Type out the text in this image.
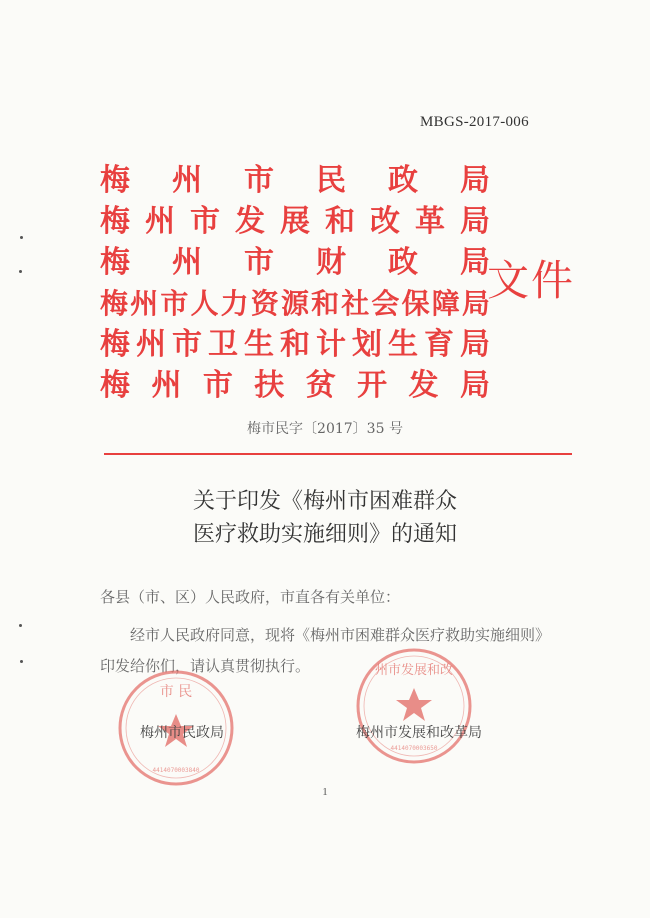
MBGS-2017-006
梅 州 市 民 政 局
梅 州 市 发 展 和 改 革 局
梅 州 市 财 政 局
梅 州 市 人 力 资 源 和 社 会 保 障 局
梅 州 市 卫 生 和 计 划 生 育 局
梅 州 市 扶 贫 开 发 局
文件
梅市民字〔2017〕35 号
关于印发《梅州市困难群众
医疗救助实施细则》的通知
各县（市、区）人民政府，市直各有关单位：
经市人民政府同意，现将《梅州市困难群众医疗救助实施细则》印发给你们，请认真贯彻执行。
市 民
4414070003840
州市发展和改
4414070003650
梅州市民政局	梅州市发展和改革局
1
